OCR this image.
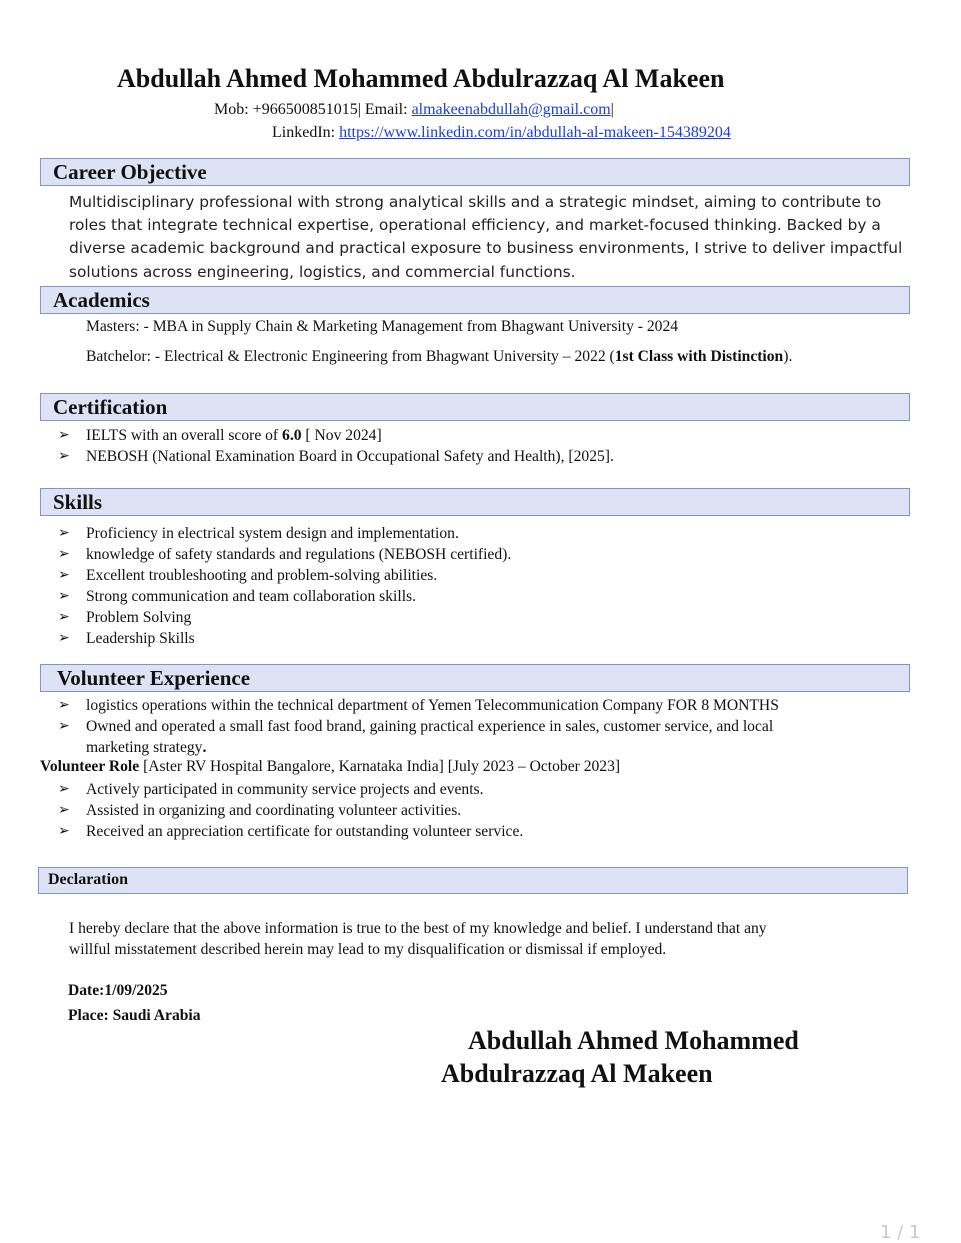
Abdullah Ahmed Mohammed Abdulrazzaq Al Makeen
Mob: +966500851015| Email: almakeenabdullah@gmail.com|
LinkedIn: https://www.linkedin.com/in/abdullah-al-makeen-154389204
Career Objective
Multidisciplinary professional with strong analytical skills and a strategic mindset, aiming to contribute to
roles that integrate technical expertise, operational efficiency, and market-focused thinking. Backed by a
diverse academic background and practical exposure to business environments, I strive to deliver impactful
solutions across engineering, logistics, and commercial functions.
Academics
Masters: - MBA in Supply Chain & Marketing Management from Bhagwant University - 2024
Batchelor: - Electrical & Electronic Engineering from Bhagwant University – 2022 (1st Class with Distinction).
Certification
➢ IELTS with an overall score of 6.0 [ Nov 2024]
➢ NEBOSH (National Examination Board in Occupational Safety and Health), [2025].
Skills
➢ Proficiency in electrical system design and implementation.
➢ knowledge of safety standards and regulations (NEBOSH certified).
➢ Excellent troubleshooting and problem-solving abilities.
➢ Strong communication and team collaboration skills.
➢ Problem Solving
➢ Leadership Skills
Volunteer Experience
➢ logistics operations within the technical department of Yemen Telecommunication Company FOR 8 MONTHS
➢ Owned and operated a small fast food brand, gaining practical experience in sales, customer service, and local
marketing strategy.
Volunteer Role [Aster RV Hospital Bangalore, Karnataka India] [July 2023 – October 2023]
➢ Actively participated in community service projects and events.
➢ Assisted in organizing and coordinating volunteer activities.
➢ Received an appreciation certificate for outstanding volunteer service.
Declaration
I hereby declare that the above information is true to the best of my knowledge and belief. I understand that any
willful misstatement described herein may lead to my disqualification or dismissal if employed.
Date:1/09/2025
Place: Saudi Arabia
Abdullah Ahmed Mohammed
Abdulrazzaq Al Makeen
1 / 1
